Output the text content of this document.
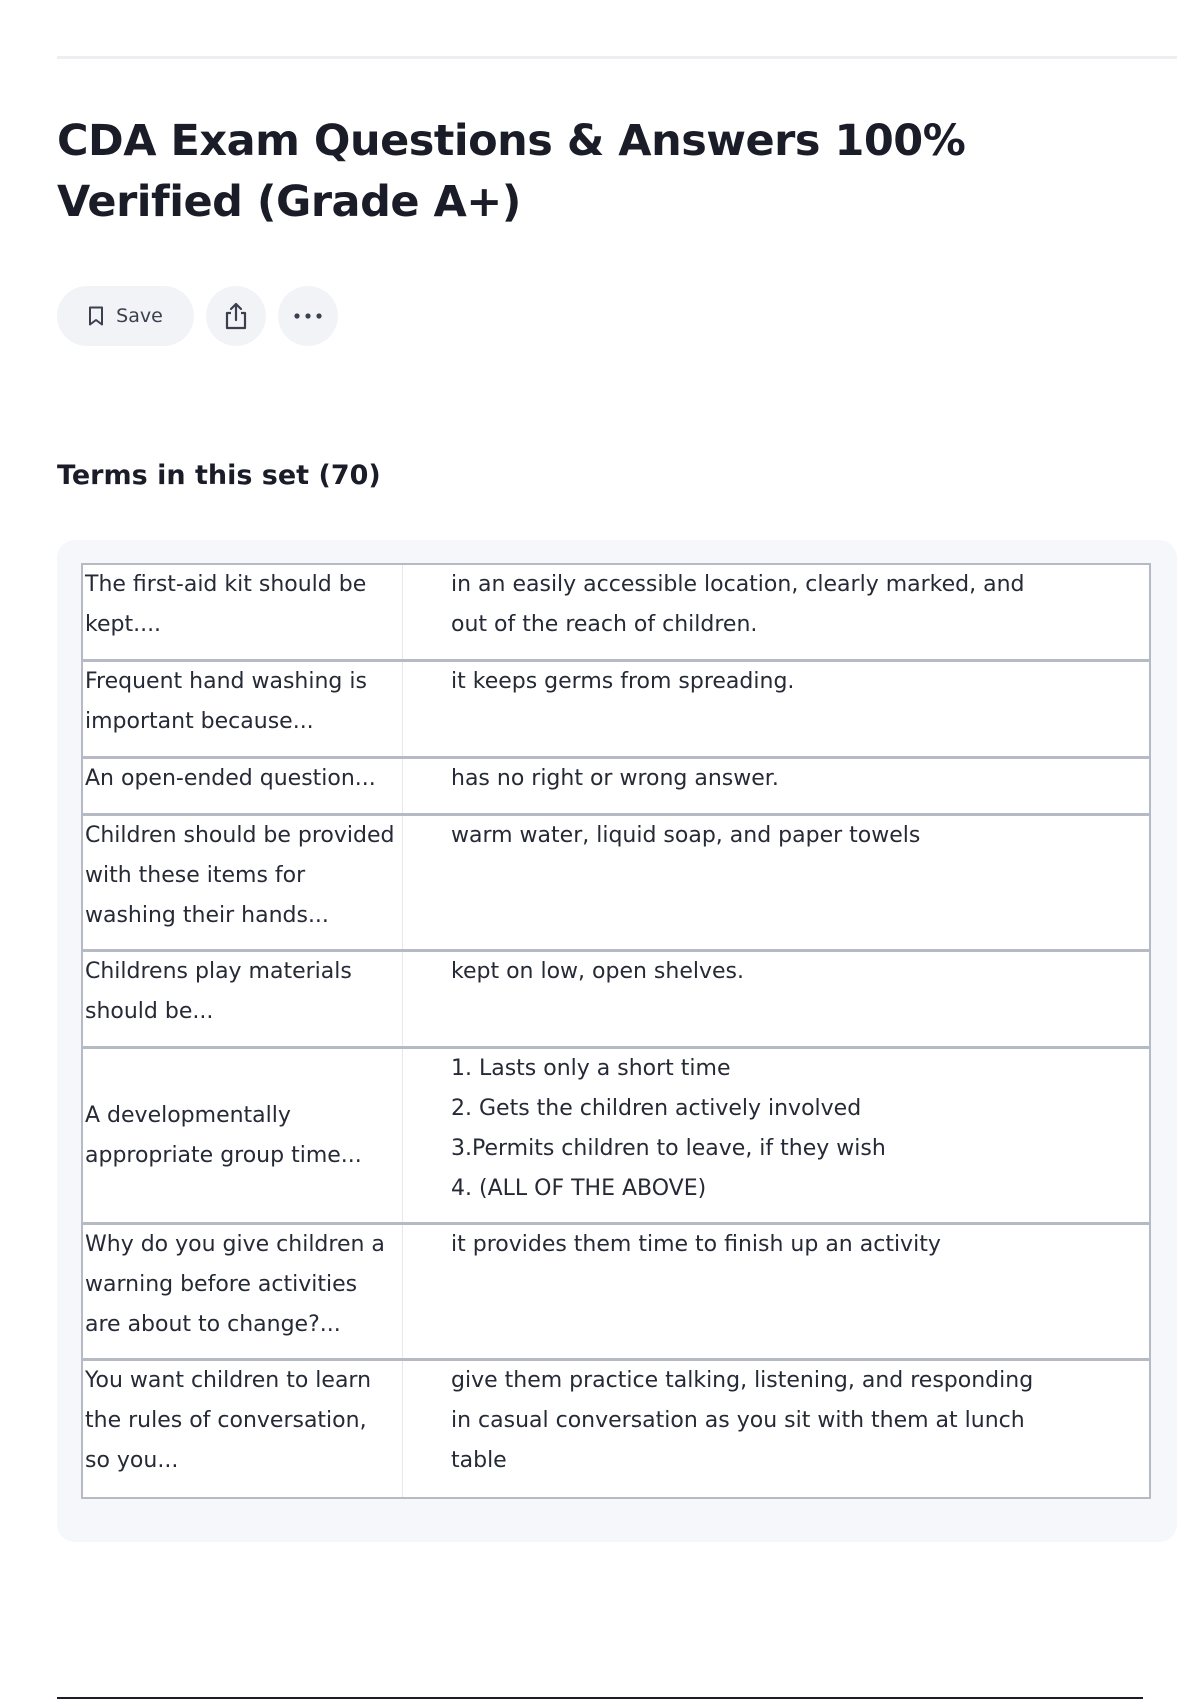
CDA Exam Questions & Answers 100% Verified (Grade A+)
Save
Terms in this set (70)
The first-aid kit should be kept....
in an easily accessible location, clearly marked, and
out of the reach of children.
Frequent hand washing is important because...
it keeps germs from spreading.
An open-ended question...	has no right or wrong answer.
Children should be provided with these items for washing their hands...
warm water, liquid soap, and paper towels
Childrens play materials should be...
kept on low, open shelves.
A developmentally appropriate group time...
1. Lasts only a short time
2. Gets the children actively involved
3.Permits children to leave, if they wish
4. (ALL OF THE ABOVE)
Why do you give children a warning before activities are about to change?...
it provides them time to finish up an activity
You want children to learn the rules of conversation, so you...
give them practice talking, listening, and responding
in casual conversation as you sit with them at lunch
table
